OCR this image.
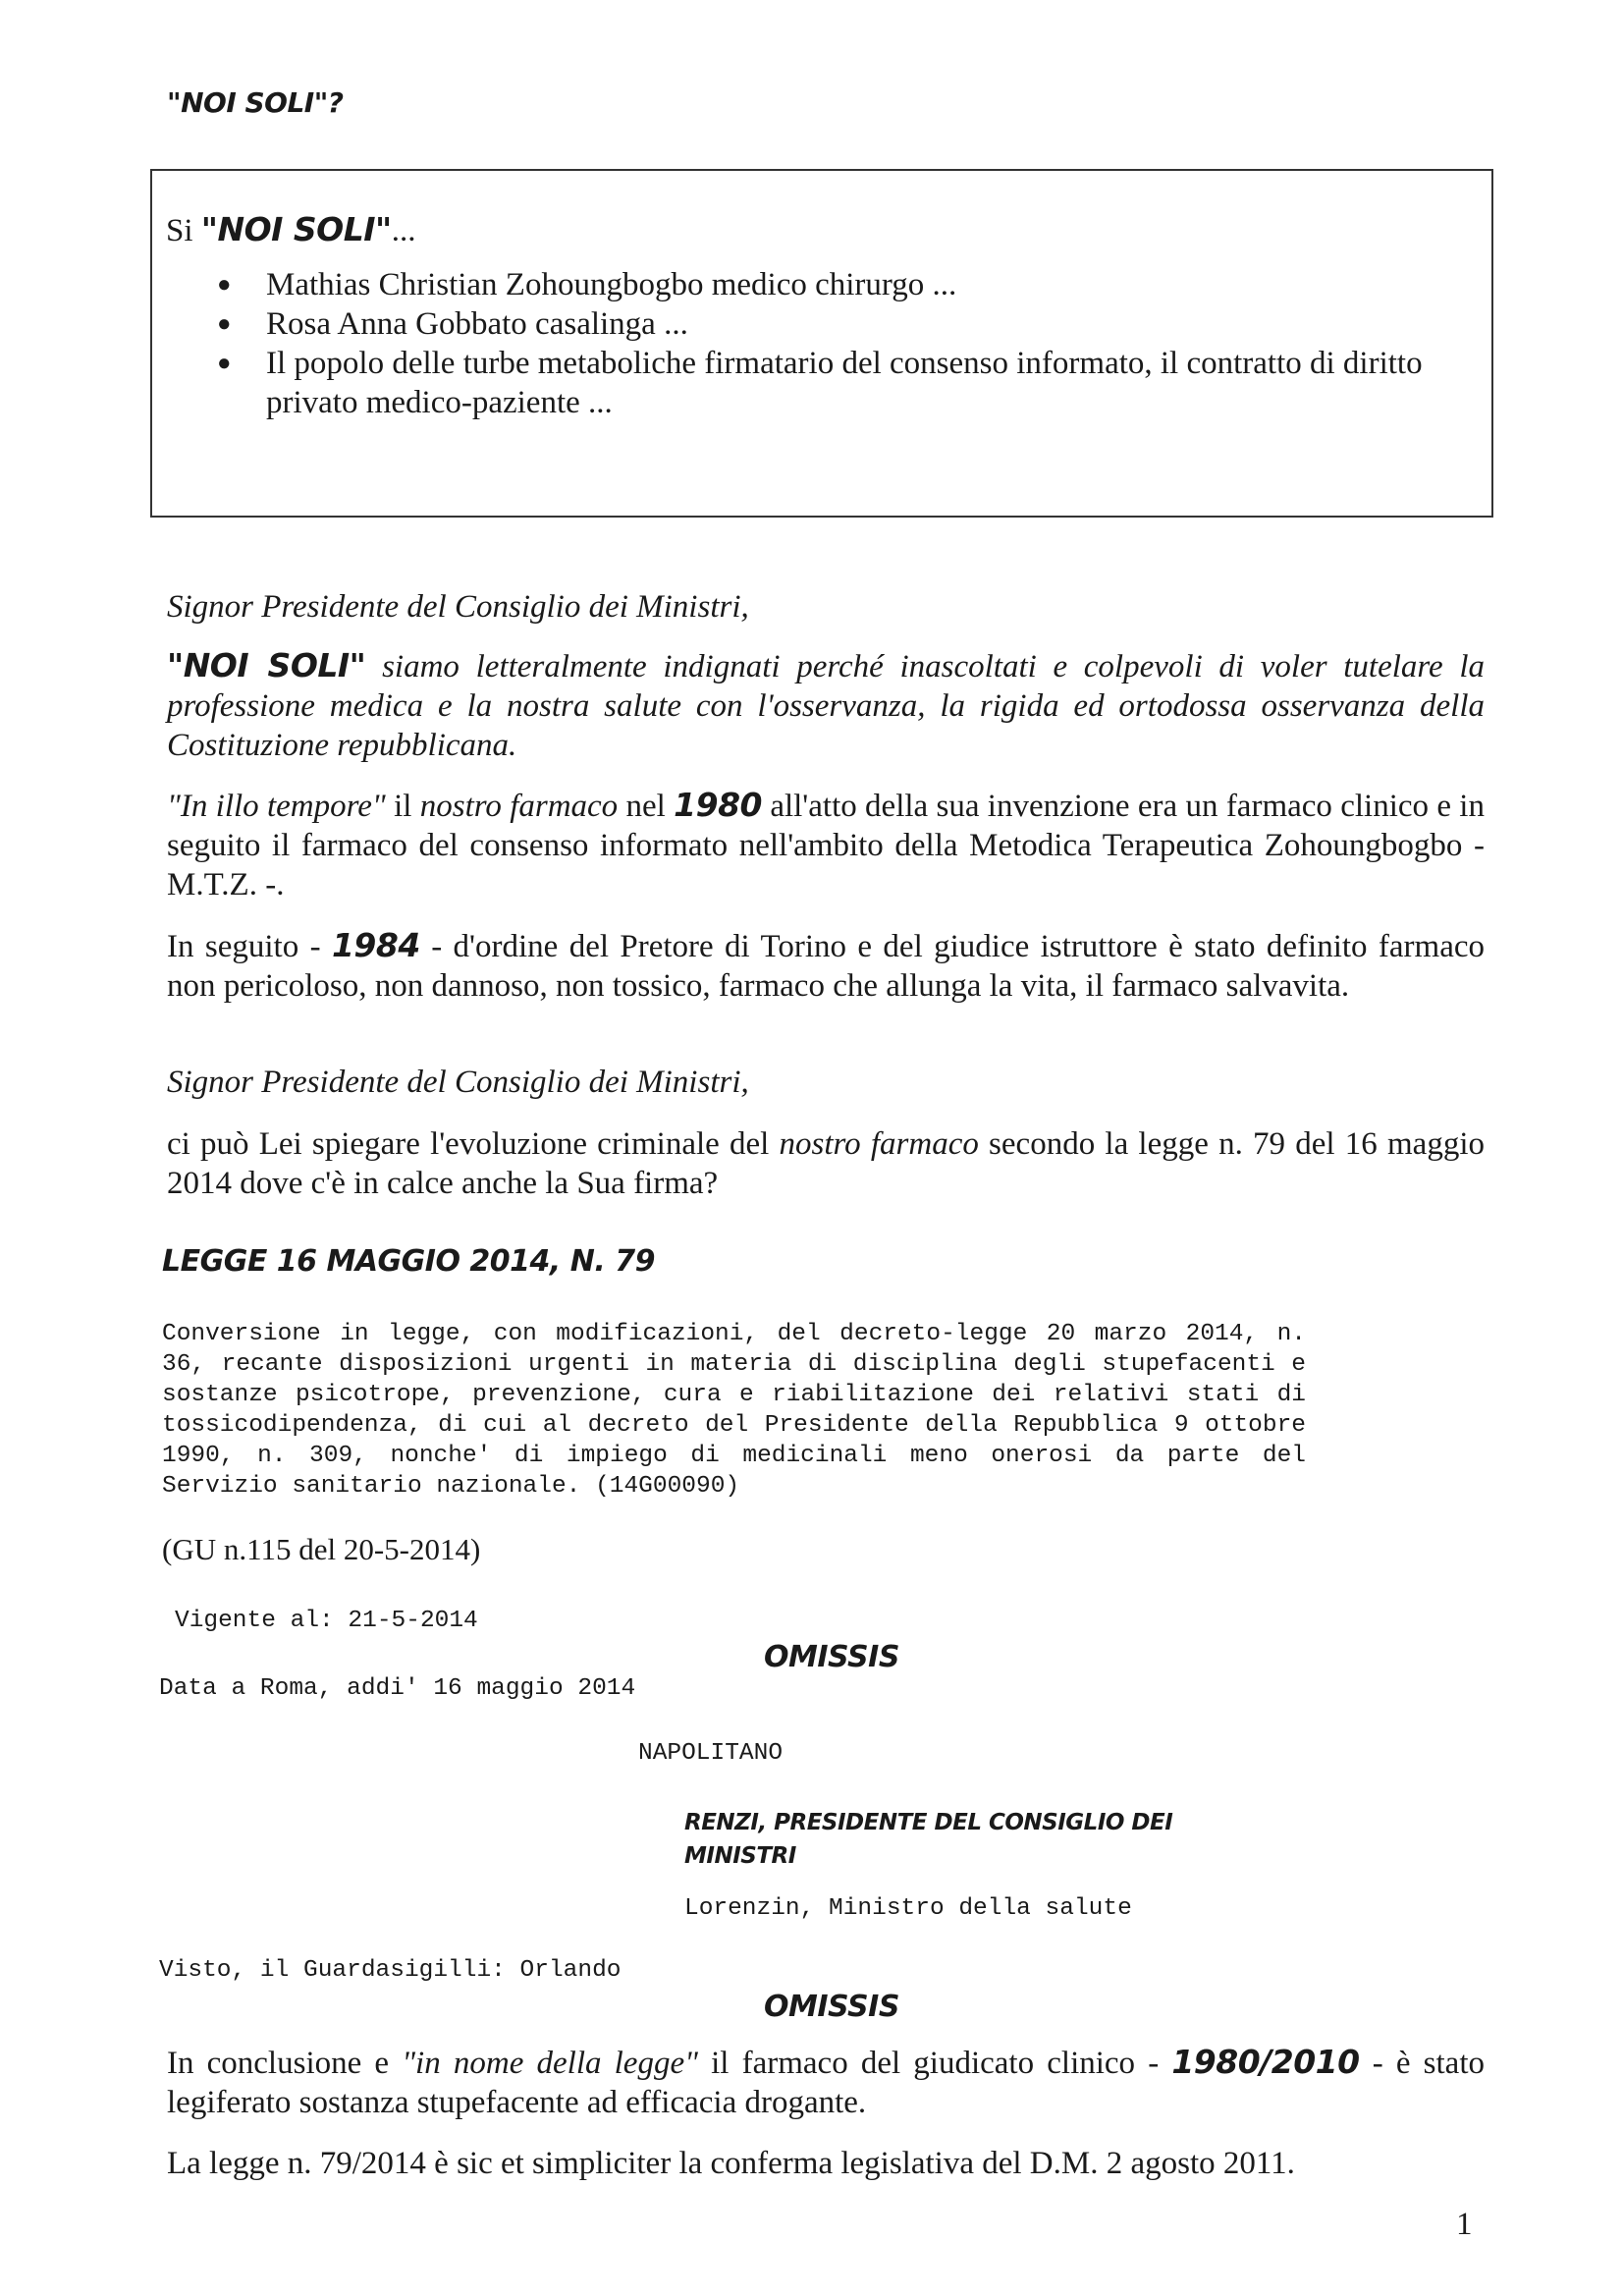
"NOI SOLI"?
Si "NOI SOLI"...
● Mathias Christian Zohoungbogbo medico chirurgo ...
● Rosa Anna Gobbato casalinga ...
● Il popolo delle turbe metaboliche firmatario del consenso informato, il contratto di diritto privato medico-paziente ...
Signor Presidente del Consiglio dei Ministri,
"NOI SOLI" siamo letteralmente indignati perché inascoltati e colpevoli di voler tutelare la professione medica e la nostra salute con l'osservanza, la rigida ed ortodossa osservanza della Costituzione repubblicana.
"In illo tempore" il nostro farmaco nel 1980 all'atto della sua invenzione era un farmaco clinico e in seguito il farmaco del consenso informato nell'ambito della Metodica Terapeutica Zohoungbogbo - M.T.Z. -.
In seguito - 1984 - d'ordine del Pretore di Torino e del giudice istruttore è stato definito farmaco non pericoloso, non dannoso, non tossico, farmaco che allunga la vita, il farmaco salvavita.
Signor Presidente del Consiglio dei Ministri,
ci può Lei spiegare l'evoluzione criminale del nostro farmaco secondo la legge n. 79 del 16 maggio 2014 dove c'è in calce anche la Sua firma?
LEGGE 16 MAGGIO 2014, N. 79
Conversione in legge, con modificazioni, del decreto-legge 20 marzo 2014, n. 36, recante disposizioni urgenti in materia di disciplina degli stupefacenti e sostanze psicotrope, prevenzione, cura e riabilitazione dei relativi stati di tossicodipendenza, di cui al decreto del Presidente della Repubblica 9 ottobre 1990, n. 309, nonche' di impiego di medicinali meno onerosi da parte del Servizio sanitario nazionale. (14G00090)
(GU n.115 del 20-5-2014)
Vigente al: 21-5-2014
OMISSIS
Data a Roma, addi' 16 maggio 2014
NAPOLITANO
RENZI, PRESIDENTE DEL CONSIGLIO DEI MINISTRI
Lorenzin, Ministro della salute
Visto, il Guardasigilli: Orlando
OMISSIS
In conclusione e "in nome della legge" il farmaco del giudicato clinico - 1980/2010 - è stato legiferato sostanza stupefacente ad efficacia drogante.
La legge n. 79/2014 è sic et simpliciter la conferma legislativa del D.M. 2 agosto 2011.
1
